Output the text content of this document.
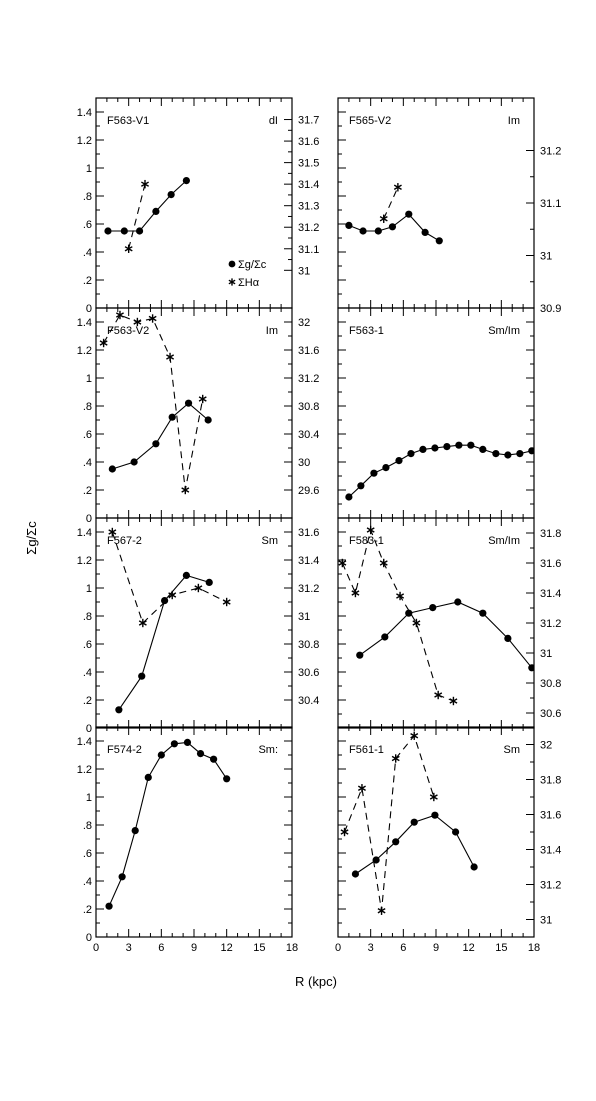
0
.2
.4
.6
.8
1
1.2
1.4
31
31.1
31.2
31.3
31.4
31.5
31.6
31.7
F563-V1	dI
Σg/Σc
ΣHα
30.9
31
31.1
31.2
F565-V2	Im
0
.2
.4
.6
.8
1
1.2
1.4
29.6
30
30.4
30.8
31.2
31.6
32
F563-V2	Im	F563-1	Sm/Im
0
.2
.4
.6
.8
1
1.2
1.4
30.4
30.6
30.8
31
31.2
31.4
31.6
F567-2	Sm
30.6
30.8
31
31.2
31.4
31.6
31.8
F583-1	Sm/Im
0 3 6 9 12 15 18
0
.2
.4
.6
.8
1
1.2
1.4
F574-2	Sm:
0 3 6 9 12 15 18
31
31.2
31.4
31.6
31.8
32
F561-1	Sm
R (kpc)
Σg/Σc
